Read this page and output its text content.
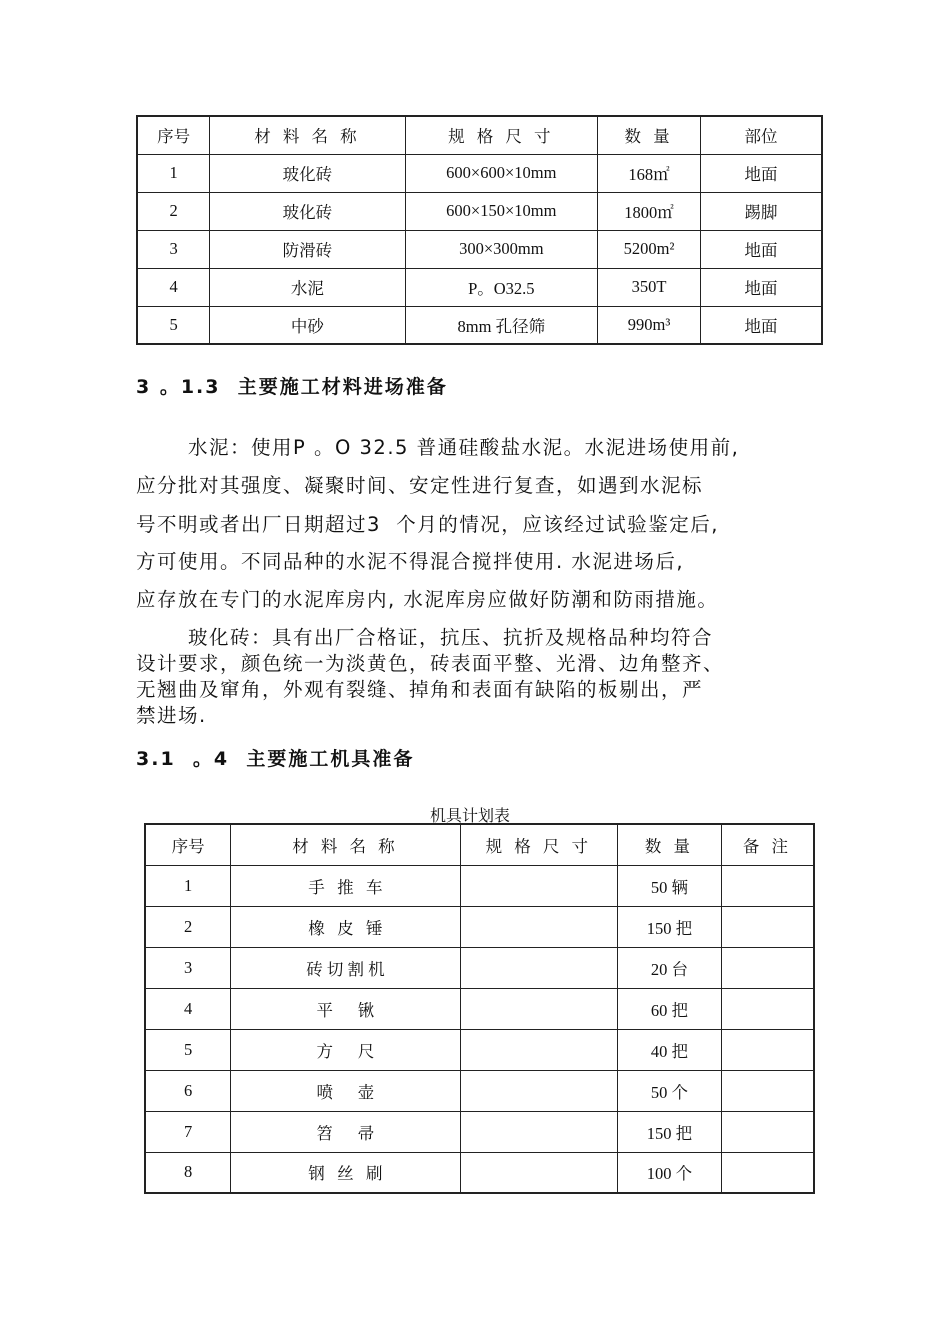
序号	材 料 名 称	规 格 尺 寸	数 量	部位
1	玻化砖	600×600×10mm	168㎡	地面
2	玻化砖	600×150×10mm	1800㎡	踢脚
3	防滑砖	300×300mm	5200m²	地面
4	水泥	P。O32.5	350T	地面
5	中砂	8mm 孔径筛	990m³	地面
3 。1.3  主要施工材料进场准备
水泥：使用P 。O 32.5 普通硅酸盐水泥。水泥进场使用前,
应分批对其强度、凝聚时间、安定性进行复查，如遇到水泥标
号不明或者出厂日期超过3  个月的情况，应该经过试验鉴定后,
方可使用。不同品种的水泥不得混合搅拌使用. 水泥进场后,
应存放在专门的水泥库房内, 水泥库房应做好防潮和防雨措施。
玻化砖：具有出厂合格证，抗压、抗折及规格品种均符合
设计要求，颜色统一为淡黄色，砖表面平整、光滑、边角整齐、
无翘曲及窜角，外观有裂缝、掉角和表面有缺陷的板剔出，严
禁进场.
3.1  。4  主要施工机具准备
机具计划表
序号	材 料 名 称	规 格 尺 寸	数 量	备 注
1	手   推   车		50 辆	
2	橡   皮   锤		150 把	
3	砖 切 割 机		20 台	
4	平      锹		60 把	
5	方      尺		40 把	
6	喷      壶		50 个	
7	笤      帚		150 把	
8	钢   丝   刷		100 个	
